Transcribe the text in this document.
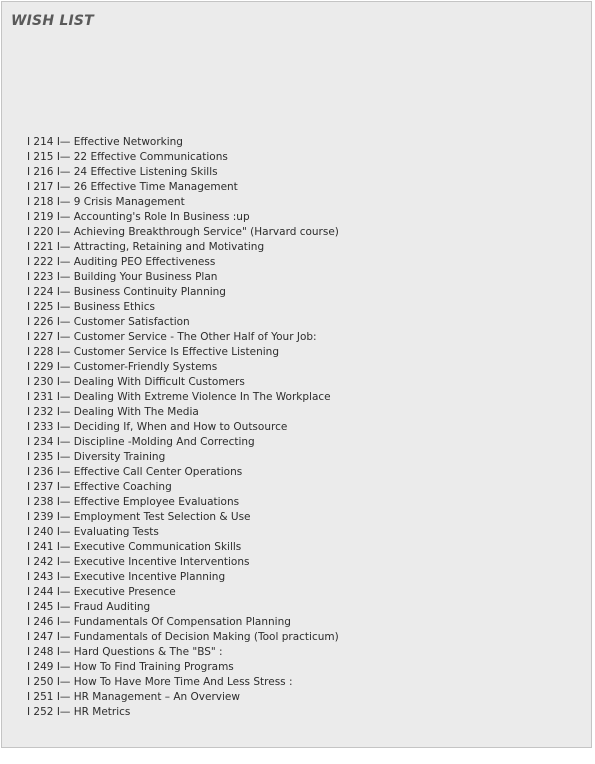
WISH LIST
I 214 I— Effective Networking
I 215 I— 22 Effective Communications
I 216 I— 24 Effective Listening Skills
I 217 I— 26 Effective Time Management
I 218 I— 9 Crisis Management
I 219 I— Accounting's Role In Business :up
I 220 I— Achieving Breakthrough Service" (Harvard course)
I 221 I— Attracting, Retaining and Motivating
I 222 I— Auditing PEO Effectiveness
I 223 I— Building Your Business Plan
I 224 I— Business Continuity Planning
I 225 I— Business Ethics
I 226 I— Customer Satisfaction
I 227 I— Customer Service - The Other Half of Your Job:
I 228 I— Customer Service Is Effective Listening
I 229 I— Customer-Friendly Systems
I 230 I— Dealing With Difficult Customers
I 231 I— Dealing With Extreme Violence In The Workplace
I 232 I— Dealing With The Media
I 233 I— Deciding If, When and How to Outsource
I 234 I— Discipline -Molding And Correcting
I 235 I— Diversity Training
I 236 I— Effective Call Center Operations
I 237 I— Effective Coaching
I 238 I— Effective Employee Evaluations
I 239 I— Employment Test Selection & Use
I 240 I— Evaluating Tests
I 241 I— Executive Communication Skills
I 242 I— Executive Incentive Interventions
I 243 I— Executive Incentive Planning
I 244 I— Executive Presence
I 245 I— Fraud Auditing
I 246 I— Fundamentals Of Compensation Planning
I 247 I— Fundamentals of Decision Making (Tool practicum)
I 248 I— Hard Questions & The "BS" :
I 249 I— How To Find Training Programs
I 250 I— How To Have More Time And Less Stress :
I 251 I— HR Management – An Overview
I 252 I— HR Metrics
